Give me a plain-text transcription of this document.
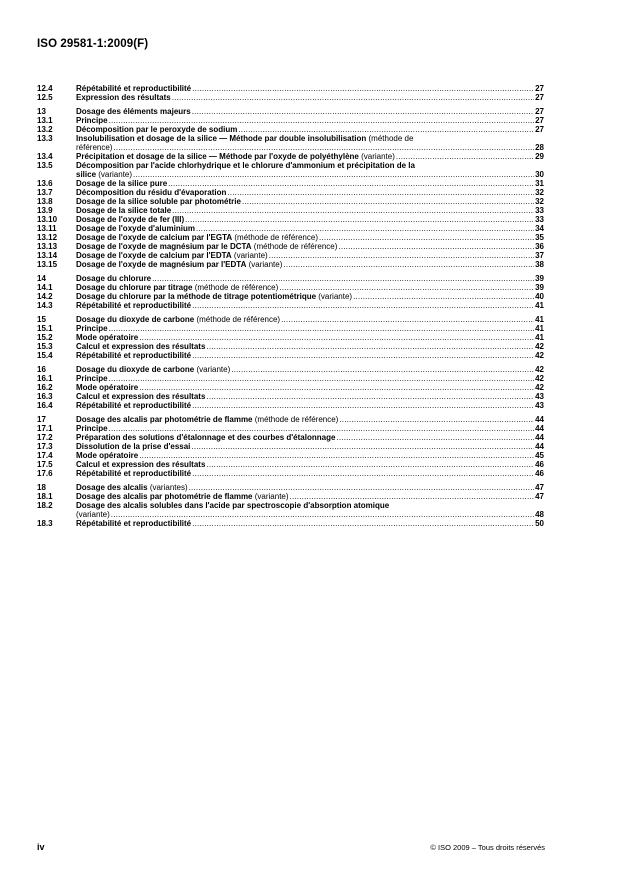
ISO 29581-1:2009(F)
12.4	Répétabilité et reproductibilité .....	27
12.5	Expression des résultats .....	27
13	Dosage des éléments majeurs .....	27
13.1	Principe .....	27
13.2	Décomposition par le peroxyde de sodium .....	27
13.3	Insolubilisation et dosage de la silice — Méthode par double insolubilisation (méthode de
référence) .....	28
13.4	Précipitation et dosage de la silice — Méthode par l'oxyde de polyéthylène (variante) .....	29
13.5	Décomposition par l'acide chlorhydrique et le chlorure d'ammonium et précipitation de la
silice (variante) .....	30
13.6	Dosage de la silice pure .....	31
13.7	Décomposition du résidu d'évaporation .....	32
13.8	Dosage de la silice soluble par photométrie .....	32
13.9	Dosage de la silice totale .....	33
13.10	Dosage de l'oxyde de fer (III) .....	33
13.11	Dosage de l'oxyde d'aluminium .....	34
13.12	Dosage de l'oxyde de calcium par l'EGTA (méthode de référence) .....	35
13.13	Dosage de l'oxyde de magnésium par le DCTA (méthode de référence) .....	36
13.14	Dosage de l'oxyde de calcium par l'EDTA (variante) .....	37
13.15	Dosage de l'oxyde de magnésium par l'EDTA (variante) .....	38
14	Dosage du chlorure .....	39
14.1	Dosage du chlorure par titrage (méthode de référence) .....	39
14.2	Dosage du chlorure par la méthode de titrage potentiométrique (variante) .....	40
14.3	Répétabilité et reproductibilité .....	41
15	Dosage du dioxyde de carbone (méthode de référence) .....	41
15.1	Principe .....	41
15.2	Mode opératoire .....	41
15.3	Calcul et expression des résultats .....	42
15.4	Répétabilité et reproductibilité .....	42
16	Dosage du dioxyde de carbone (variante) .....	42
16.1	Principe .....	42
16.2	Mode opératoire .....	42
16.3	Calcul et expression des résultats .....	43
16.4	Répétabilité et reproductibilité .....	43
17	Dosage des alcalis par photométrie de flamme (méthode de référence) .....	44
17.1	Principe .....	44
17.2	Préparation des solutions d'étalonnage et des courbes d'étalonnage .....	44
17.3	Dissolution de la prise d'essai .....	44
17.4	Mode opératoire .....	45
17.5	Calcul et expression des résultats .....	46
17.6	Répétabilité et reproductibilité .....	46
18	Dosage des alcalis (variantes) .....	47
18.1	Dosage des alcalis par photométrie de flamme (variante) .....	47
18.2	Dosage des alcalis solubles dans l'acide par spectroscopie d'absorption atomique
(variante) .....	48
18.3	Répétabilité et reproductibilité .....	50
iv	© ISO 2009 – Tous droits réservés
